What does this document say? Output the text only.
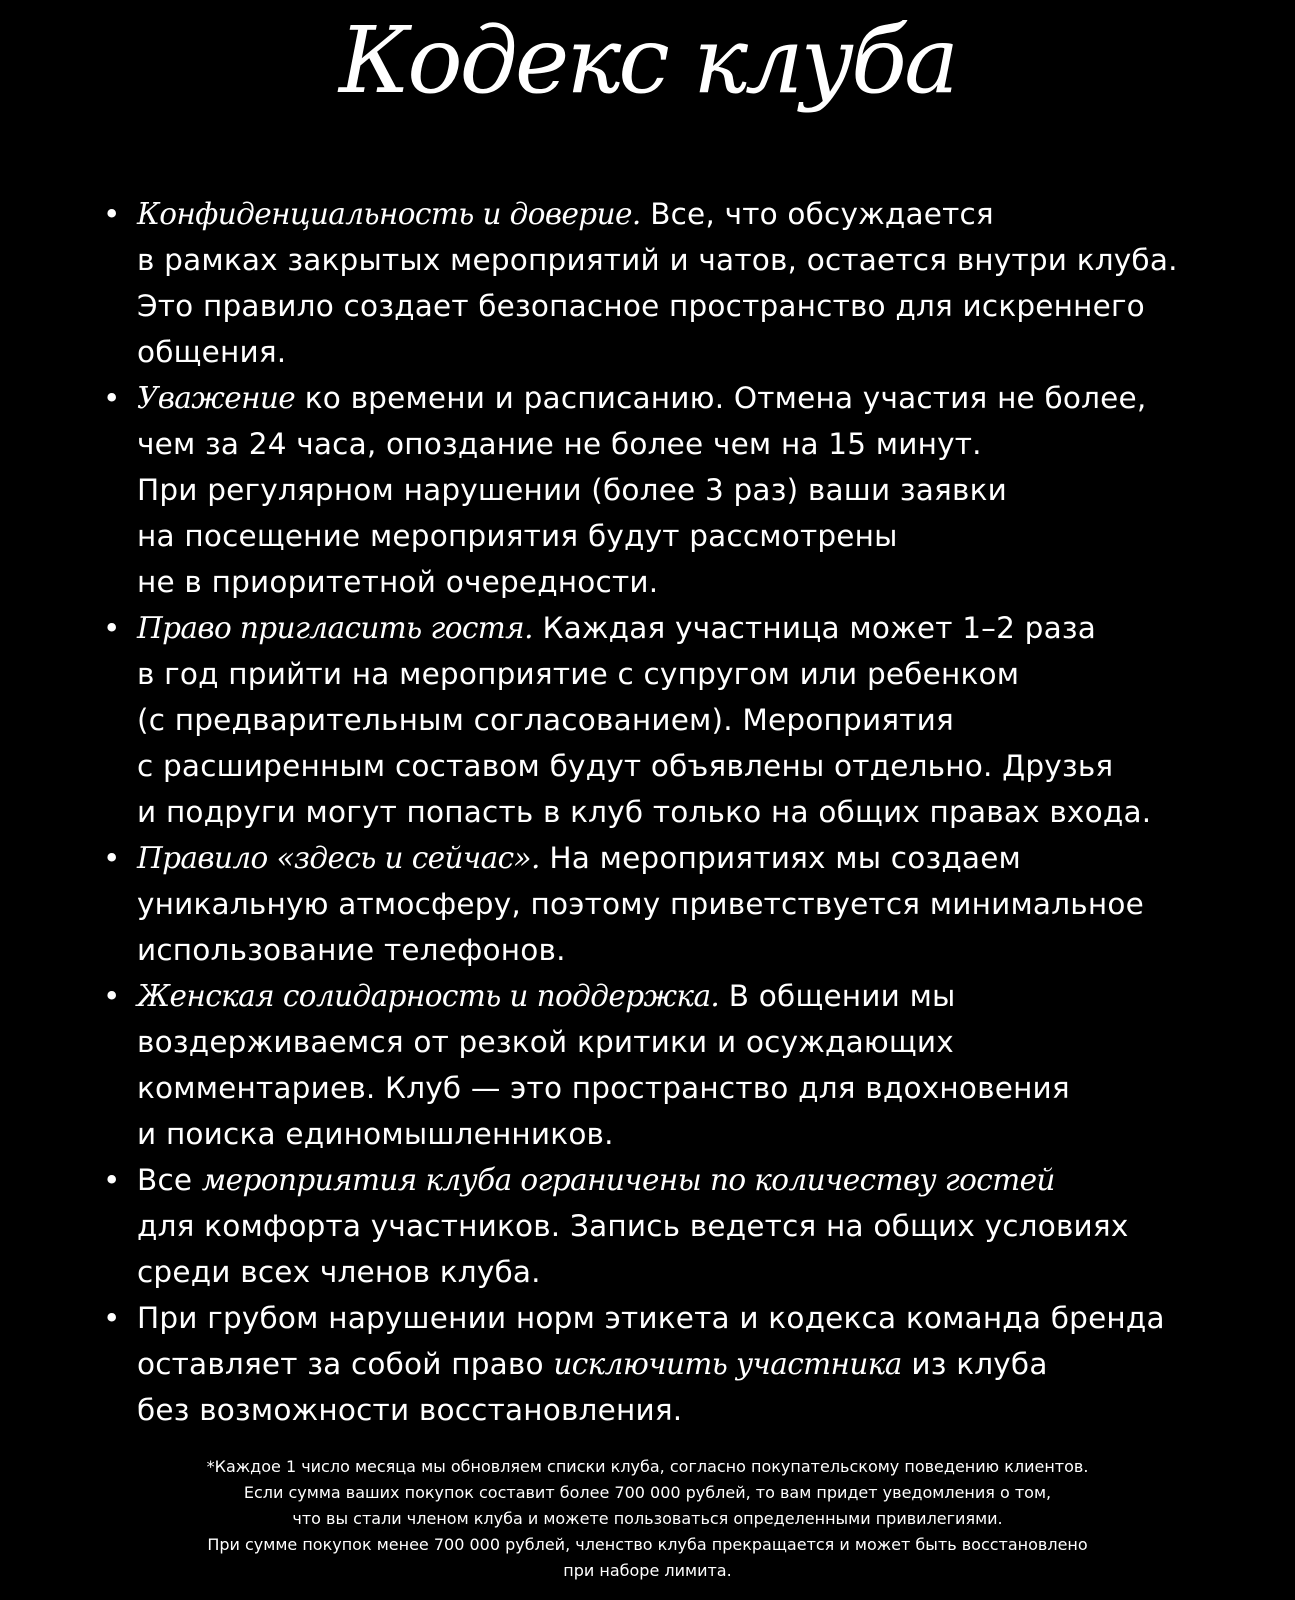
Кодекс клуба
• Конфиденциальность и доверие. Все, что обсуждается
в рамках закрытых мероприятий и чатов, остается внутри клуба.
Это правило создает безопасное пространство для искреннего
общения.
• Уважение ко времени и расписанию. Отмена участия не более,
чем за 24 часа, опоздание не более чем на 15 минут.
При регулярном нарушении (более 3 раз) ваши заявки
на посещение мероприятия будут рассмотрены
не в приоритетной очередности.
• Право пригласить гостя. Каждая участница может 1–2 раза
в год прийти на мероприятие с супругом или ребенком
(с предварительным согласованием). Мероприятия
с расширенным составом будут объявлены отдельно. Друзья
и подруги могут попасть в клуб только на общих правах входа.
• Правило «здесь и сейчас». На мероприятиях мы создаем
уникальную атмосферу, поэтому приветствуется минимальное
использование телефонов.
• Женская солидарность и поддержка. В общении мы
воздерживаемся от резкой критики и осуждающих
комментариев. Клуб — это пространство для вдохновения
и поиска единомышленников.
• Все мероприятия клуба ограничены по количеству гостей
для комфорта участников. Запись ведется на общих условиях
среди всех членов клуба.
• При грубом нарушении норм этикета и кодекса команда бренда
оставляет за собой право исключить участника из клуба
без возможности восстановления.
*Каждое 1 число месяца мы обновляем списки клуба, согласно покупательскому поведению клиентов.
Если сумма ваших покупок составит более 700 000 рублей, то вам придет уведомления о том,
что вы стали членом клуба и можете пользоваться определенными привилегиями.
При сумме покупок менее 700 000 рублей, членство клуба прекращается и может быть восстановлено
при наборе лимита.
